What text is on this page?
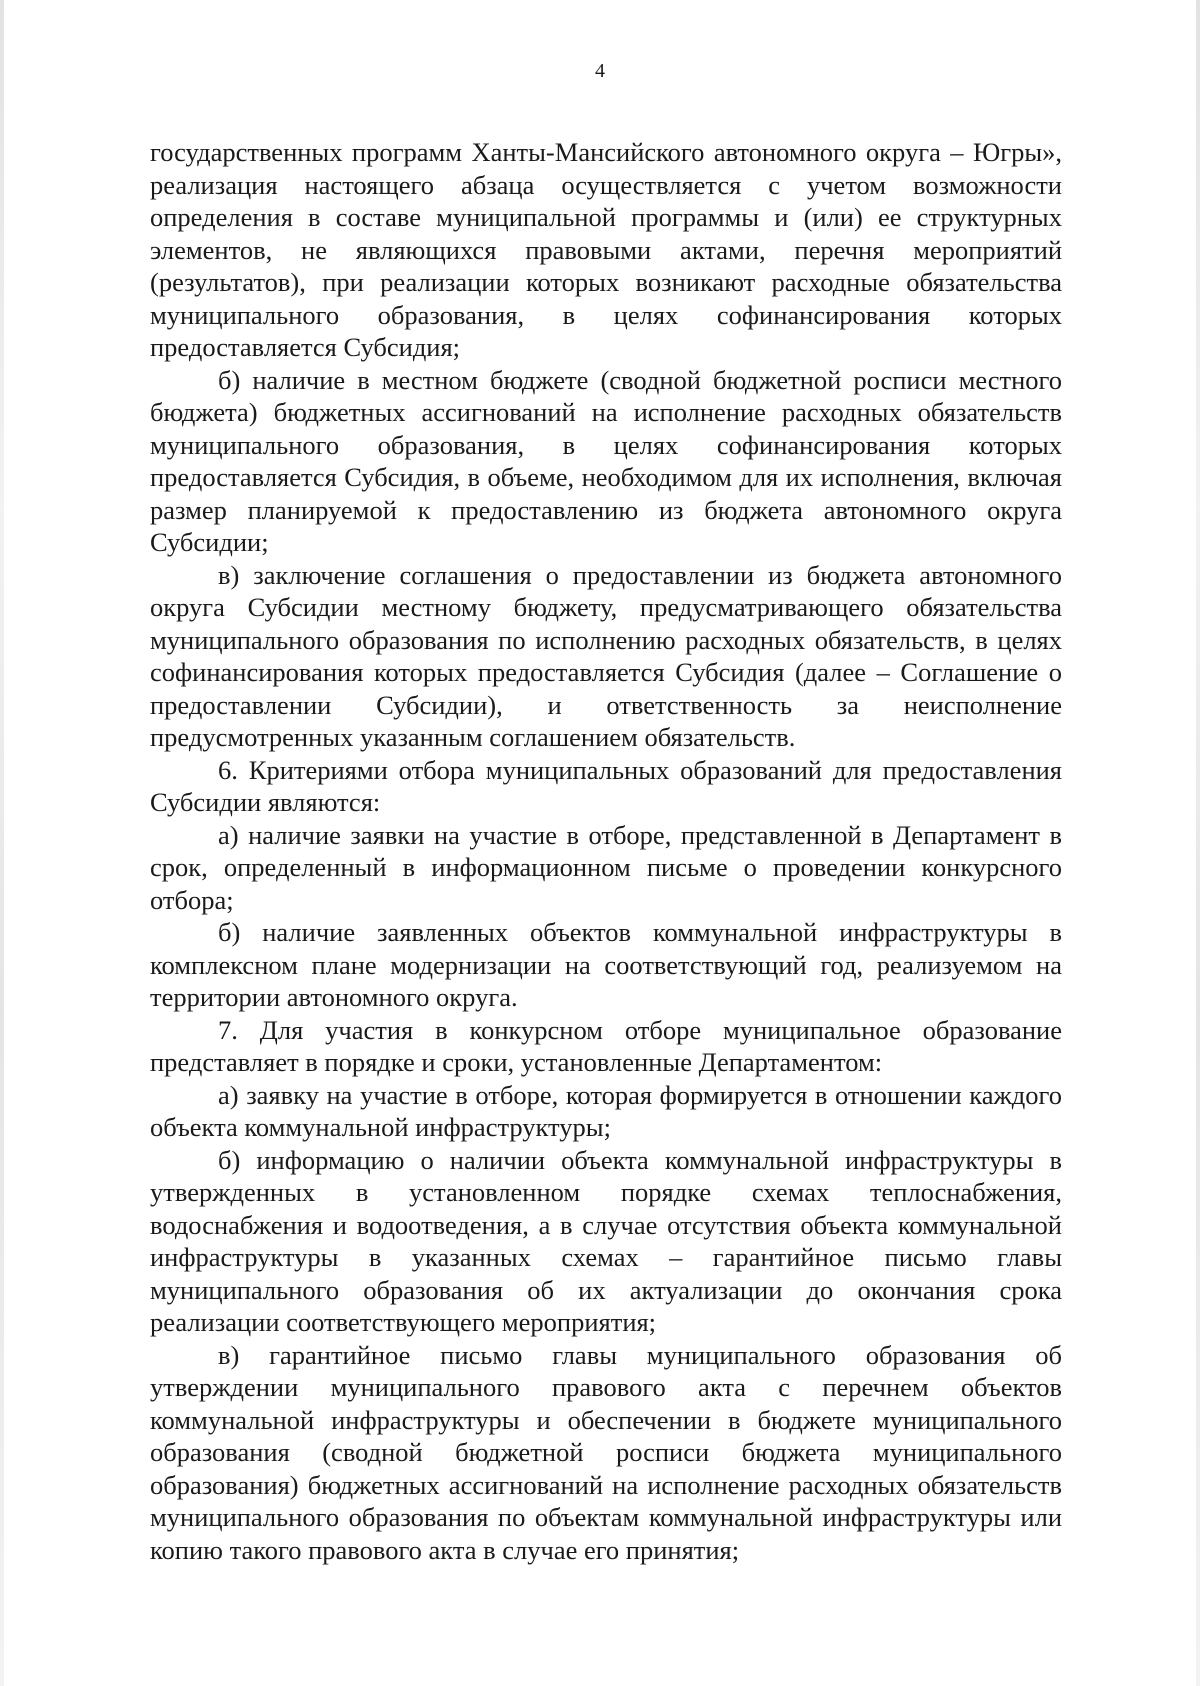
4

государственных программ Ханты-Мансийского автономного округа – Югры», реализация настоящего абзаца осуществляется с учетом возможности определения в составе муниципальной программы и (или) ее структурных элементов, не являющихся правовыми актами, перечня мероприятий (результатов), при реализации которых возникают расходные обязательства муниципального образования, в целях софинансирования которых предоставляется Субсидия;

б) наличие в местном бюджете (сводной бюджетной росписи местного бюджета) бюджетных ассигнований на исполнение расходных обязательств муниципального образования, в целях софинансирования которых предоставляется Субсидия, в объеме, необходимом для их исполнения, включая размер планируемой к предоставлению из бюджета автономного округа Субсидии;

в) заключение соглашения о предоставлении из бюджета автономного округа Субсидии местному бюджету, предусматривающего обязательства муниципального образования по исполнению расходных обязательств, в целях софинансирования которых предоставляется Субсидия (далее – Соглашение о предоставлении Субсидии), и ответственность за неисполнение предусмотренных указанным соглашением обязательств.

6. Критериями отбора муниципальных образований для предоставления Субсидии являются:

а) наличие заявки на участие в отборе, представленной в Департамент в срок, определенный в информационном письме о проведении конкурсного отбора;

б) наличие заявленных объектов коммунальной инфраструктуры в комплексном плане модернизации на соответствующий год, реализуемом на территории автономного округа.

7. Для участия в конкурсном отборе муниципальное образование представляет в порядке и сроки, установленные Департаментом:

а) заявку на участие в отборе, которая формируется в отношении каждого объекта коммунальной инфраструктуры;

б) информацию о наличии объекта коммунальной инфраструктуры в утвержденных в установленном порядке схемах теплоснабжения, водоснабжения и водоотведения, а в случае отсутствия объекта коммунальной инфраструктуры в указанных схемах – гарантийное письмо главы муниципального образования об их актуализации до окончания срока реализации соответствующего мероприятия;

в) гарантийное письмо главы муниципального образования об утверждении муниципального правового акта с перечнем объектов коммунальной инфраструктуры и обеспечении в бюджете муниципального образования (сводной бюджетной росписи бюджета муниципального образования) бюджетных ассигнований на исполнение расходных обязательств муниципального образования по объектам коммунальной инфраструктуры или копию такого правового акта в случае его принятия;
